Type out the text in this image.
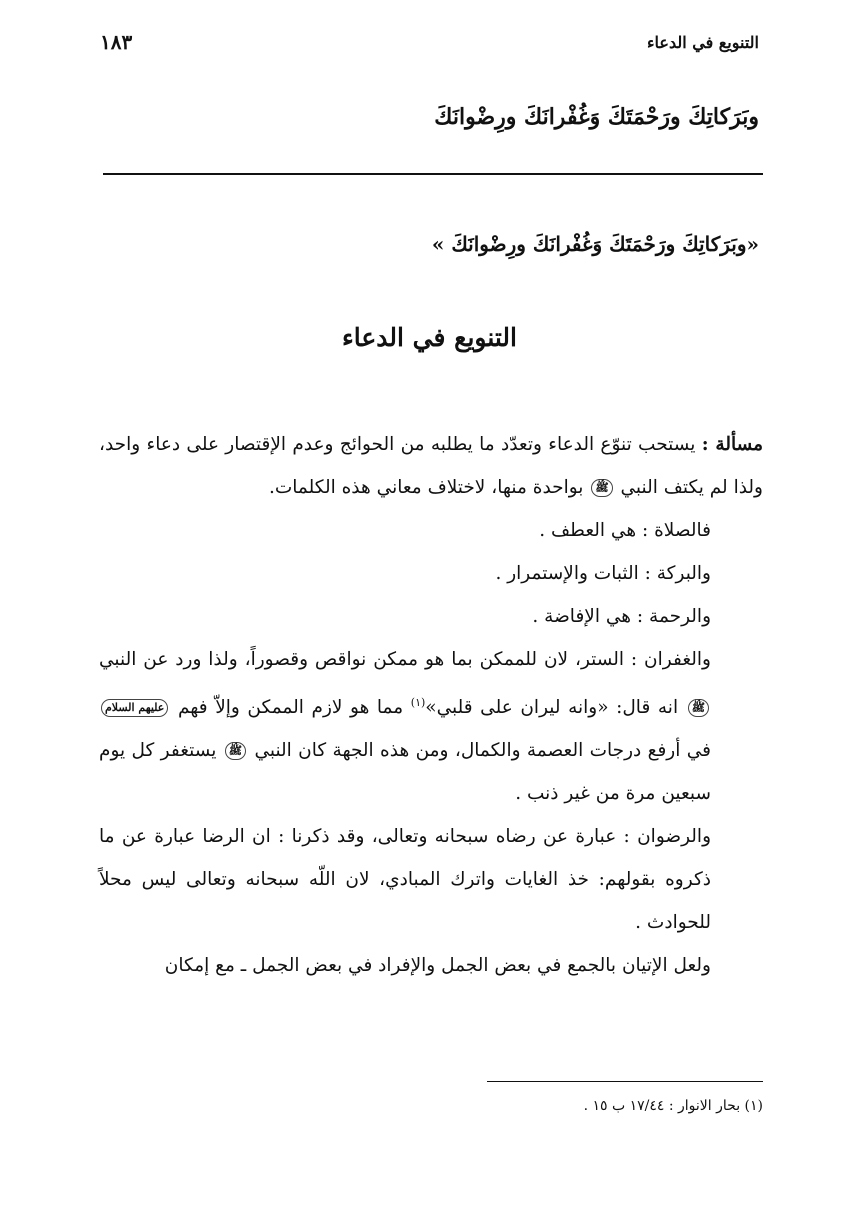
التنويع في الدعاء
١٨٣
وبَرَكاتِكَ ورَحْمَتَكَ وَغُفْرانَكَ ورِضْوانَكَ
«وبَرَكاتِكَ ورَحْمَتَكَ وَغُفْرانَكَ ورِضْوانَكَ »
التنويع في الدعاء

مسألة : يستحب تنوّع الدعاء وتعدّد ما يطلبه من الحوائج وعدم الإقتصار على دعاء واحد، ولذا لم يكتف النبي ﷺ بواحدة منها، لاختلاف معاني هذه الكلمات.

فالصلاة : هي العطف .

والبركة : الثبات والإستمرار .

والرحمة : هي الإفاضة .

والغفران : الستر، لان للممكن بما هو ممكن نواقص وقصوراً، ولذا ورد عن النبي ﷺ انه قال: «وانه ليران على قلبي»$^{(١)}$ مما هو لازم الممكن وإلاّ فهم عليهم السلام في أرفع درجات العصمة والكمال، ومن هذه الجهة كان النبي ﷺ يستغفر كل يوم سبعين مرة من غير ذنب .

والرضوان : عبارة عن رضاه سبحانه وتعالى، وقد ذكرنا : ان الرضا عبارة عن ما ذكروه بقولهم: خذ الغايات واترك المبادي، لان اللّه سبحانه وتعالى ليس محلاً للحوادث .

ولعل الإتيان بالجمع في بعض الجمل والإفراد في بعض الجمل ـ مع إمكان

(١) بحار الانوار : ١٧/٤٤ ب ١٥ .
